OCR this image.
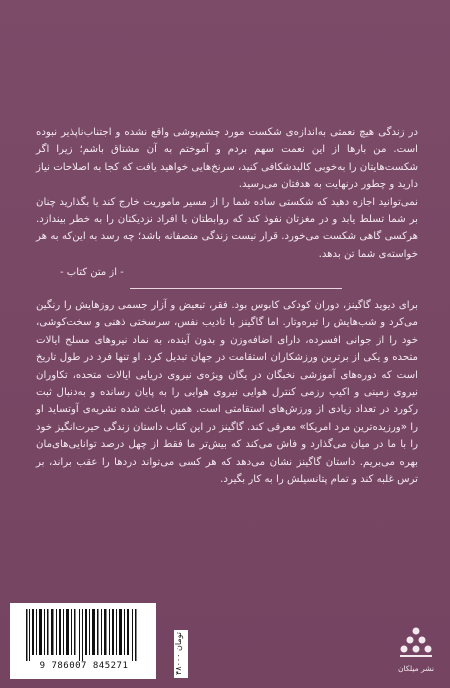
در زندگی هیچ نعمتی به‌اندازه‌ی شکست مورد چشم‌پوشی واقع نشده و اجتناب‌ناپذیر نبوده است. من بارها از این نعمت سهم بردم و آموختم به آن مشتاق باشم؛ زیرا اگر شکست‌هایتان را به‌خوبی کالبدشکافی کنید، سرنخ‌هایی خواهید یافت که کجا به اصلاحات نیاز دارید و چطور درنهایت به هدفتان می‌رسید.

نمی‌توانید اجازه دهید که شکستی ساده شما را از مسیر ماموریت خارج کند یا بگذارید چنان بر شما تسلط یابد و در مغزتان نفوذ کند که روابطتان با افراد نزدیکتان را به خطر بیندازد. هرکسی گاهی شکست می‌خورد. قرار نیست زندگی منصفانه باشد؛ چه رسد به این‌که به هر خواسته‌ی شما تن بدهد.

- از متن کتاب -

برای دیوید گاگینز، دوران کودکی کابوس بود. فقر، تبعیض و آزار جسمی روزهایش را رنگین می‌کرد و شب‌هایش را تیره‌وتار. اما گاگینز با تادیب نفس، سرسختی ذهنی و سخت‌کوشی، خود را از جوانی افسرده، دارای اضافه‌وزن و بدون آینده، به نماد نیروهای مسلح ایالات متحده و یکی از برترین ورزشکاران استقامت در جهان تبدیل کرد. او تنها فرد در طول تاریخ است که دوره‌های آموزشی نخبگان در یگان ویژه‌ی نیروی دریایی ایالات متحده، تکاوران نیروی زمینی و اکیپ رزمی کنترل هوایی نیروی هوایی را به پایان رسانده و به‌دنبال ثبت رکورد در تعداد زیادی از ورزش‌های استقامتی است. همین باعث شده نشریه‌ی آوتساید او را «ورزیده‌ترین مرد امریکا» معرفی کند. گاگینز در این کتاب داستان زندگی حیرت‌انگیز خود را با ما در میان می‌گذارد و فاش می‌کند که بیش‌تر ما فقط از چهل درصد توانایی‌های‌مان بهره می‌بریم. داستان گاگینز نشان می‌دهد که هر کسی می‌تواند دردها را عقب براند، بر ترس غلبه کند و تمام پتانسیلش را به کار بگیرد.

9 786007 845271	۴۸۰۰۰ تومان
نشر میلکان
